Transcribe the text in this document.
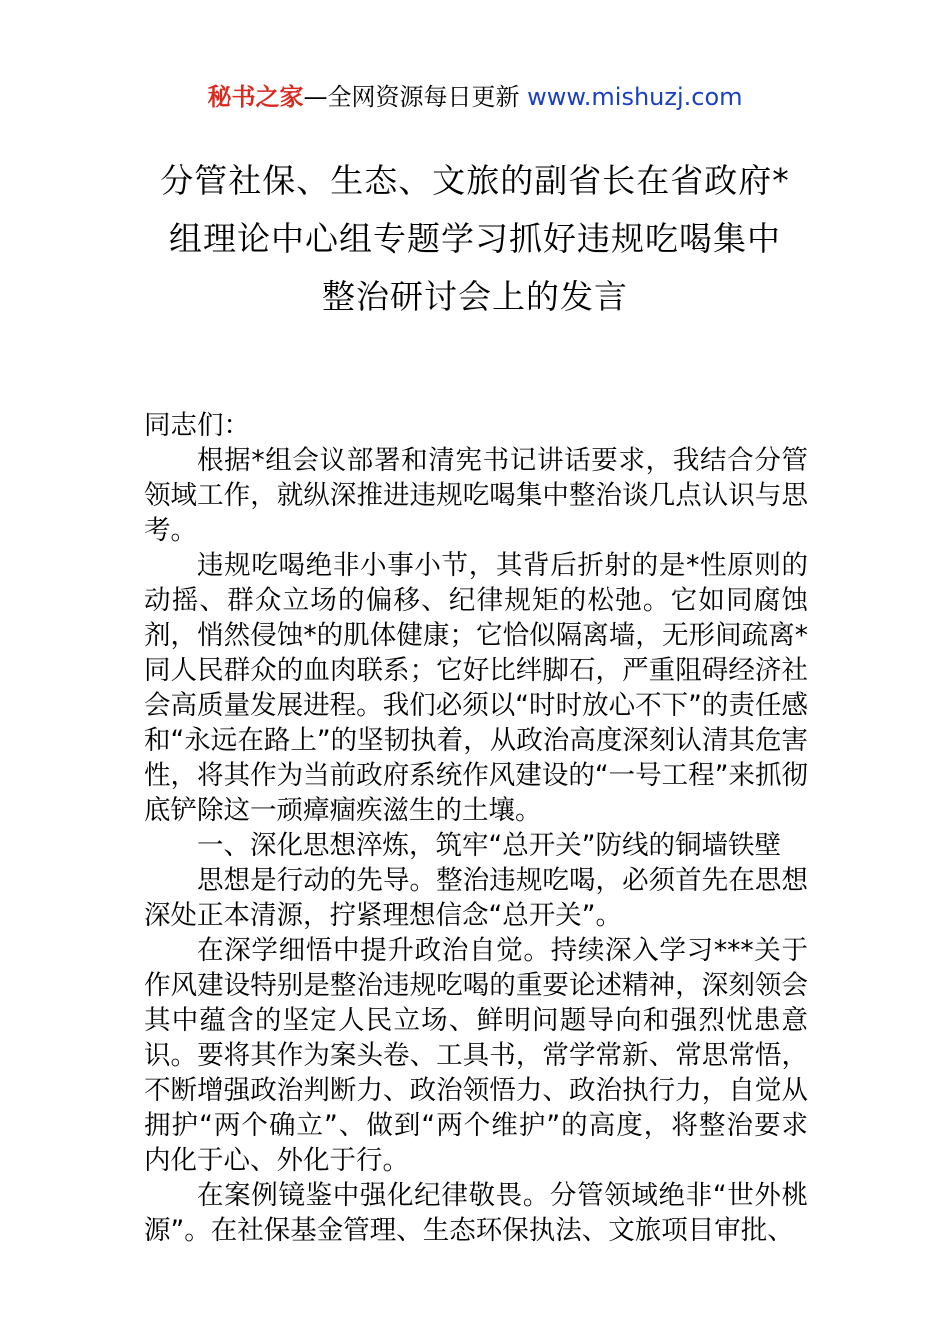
秘书之家—全网资源每日更新 www.mishuzj.com
分管社保、生态、文旅的副省长在省政府*
组理论中心组专题学习抓好违规吃喝集中
整治研讨会上的发言

同志们：

根据*组会议部署和清宪书记讲话要求，我结合分管领域工作，就纵深推进违规吃喝集中整治谈几点认识与思考。

违规吃喝绝非小事小节，其背后折射的是*性原则的动摇、群众立场的偏移、纪律规矩的松弛。它如同腐蚀剂，悄然侵蚀*的肌体健康；它恰似隔离墙，无形间疏离*同人民群众的血肉联系；它好比绊脚石，严重阻碍经济社会高质量发展进程。我们必须以“时时放心不下”的责任感和“永远在路上”的坚韧执着，从政治高度深刻认清其危害性，将其作为当前政府系统作风建设的“一号工程”来抓彻底铲除这一顽瘴痼疾滋生的土壤。

一、深化思想淬炼，筑牢“总开关”防线的铜墙铁壁

思想是行动的先导。整治违规吃喝，必须首先在思想深处正本清源，拧紧理想信念“总开关”。

在深学细悟中提升政治自觉。持续深入学习***关于作风建设特别是整治违规吃喝的重要论述精神，深刻领会其中蕴含的坚定人民立场、鲜明问题导向和强烈忧患意识。要将其作为案头卷、工具书，常学常新、常思常悟，不断增强政治判断力、政治领悟力、政治执行力，自觉从拥护“两个确立”、做到“两个维护”的高度，将整治要求内化于心、外化于行。

在案例镜鉴中强化纪律敬畏。分管领域绝非“世外桃源”。在社保基金管理、生态环保执法、文旅项目审批、
